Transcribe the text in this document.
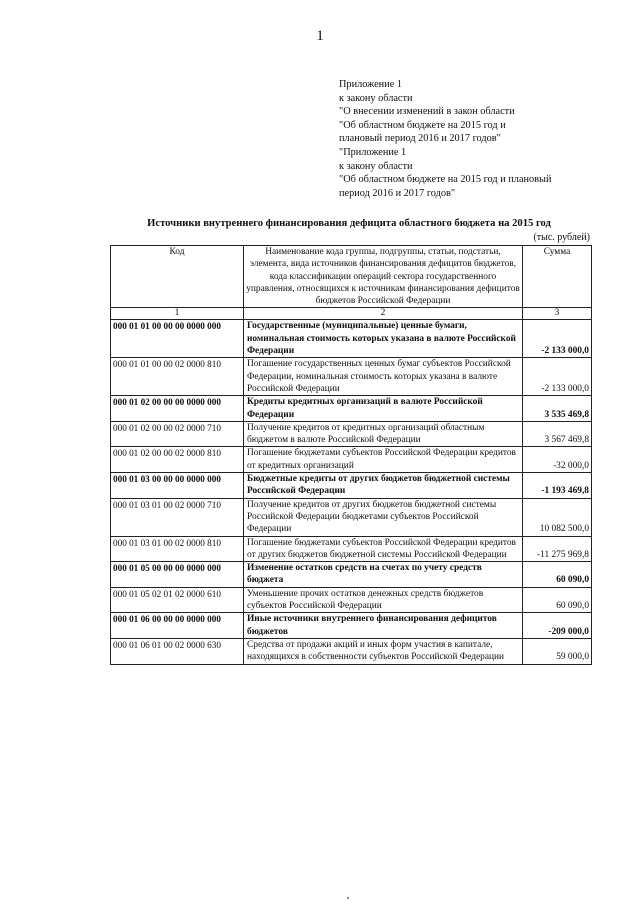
1
Приложение 1
к закону области
"О внесении изменений в закон области
"Об областном бюджете на 2015 год и
плановый период 2016 и 2017 годов"
"Приложение 1
к закону области
"Об областном бюджете на 2015 год и плановый
период 2016 и 2017 годов"
Источники внутреннего финансирования дефицита областного бюджета на 2015 год
(тыс. рублей)
Код	Наименование кода группы, подгруппы, статьи, подстатьи, элемента, вида источников финансирования дефицитов бюджетов, кода классификации операций сектора государственного управления, относящихся к источникам финансирования дефицитов бюджетов Российской Федерации	Сумма
1	2	3
000 01 01 00 00 00 0000 000	Государственные (муниципальные) ценные бумаги, номинальная стоимость которых указана в валюте Российской Федерации	-2 133 000,0
000 01 01 00 00 02 0000 810	Погашение государственных ценных бумаг субъектов Российской Федерации, номинальная стоимость которых указана в валюте Российской Федерации	-2 133 000,0
000 01 02 00 00 00 0000 000	Кредиты кредитных организаций в валюте Российской Федерации	3 535 469,8
000 01 02 00 00 02 0000 710	Получение кредитов от кредитных организаций областным бюджетом в валюте Российской Федерации	3 567 469,8
000 01 02 00 00 02 0000 810	Погашение бюджетами субъектов Российской Федерации кредитов от кредитных организаций	-32 000,0
000 01 03 00 00 00 0000 000	Бюджетные кредиты от других бюджетов бюджетной системы Российской Федерации	-1 193 469,8
000 01 03 01 00 02 0000 710	Получение кредитов от других бюджетов бюджетной системы Российской Федерации бюджетами субъектов Российской Федерации	10 082 500,0
000 01 03 01 00 02 0000 810	Погашение бюджетами субъектов Российской Федерации кредитов от других бюджетов бюджетной системы Российской Федерации	-11 275 969,8
000 01 05 00 00 00 0000 000	Изменение остатков средств на счетах по учету средств бюджета	60 090,0
000 01 05 02 01 02 0000 610	Уменьшение прочих остатков денежных средств бюджетов субъектов Российской Федерации	60 090,0
000 01 06 00 00 00 0000 000	Иные источники внутреннего финансирования дефицитов бюджетов	-209 000,0
000 01 06 01 00 02 0000 630	Средства от продажи акций и иных форм участия в капитале, находящихся в собственности субъектов Российской Федерации	59 000,0
